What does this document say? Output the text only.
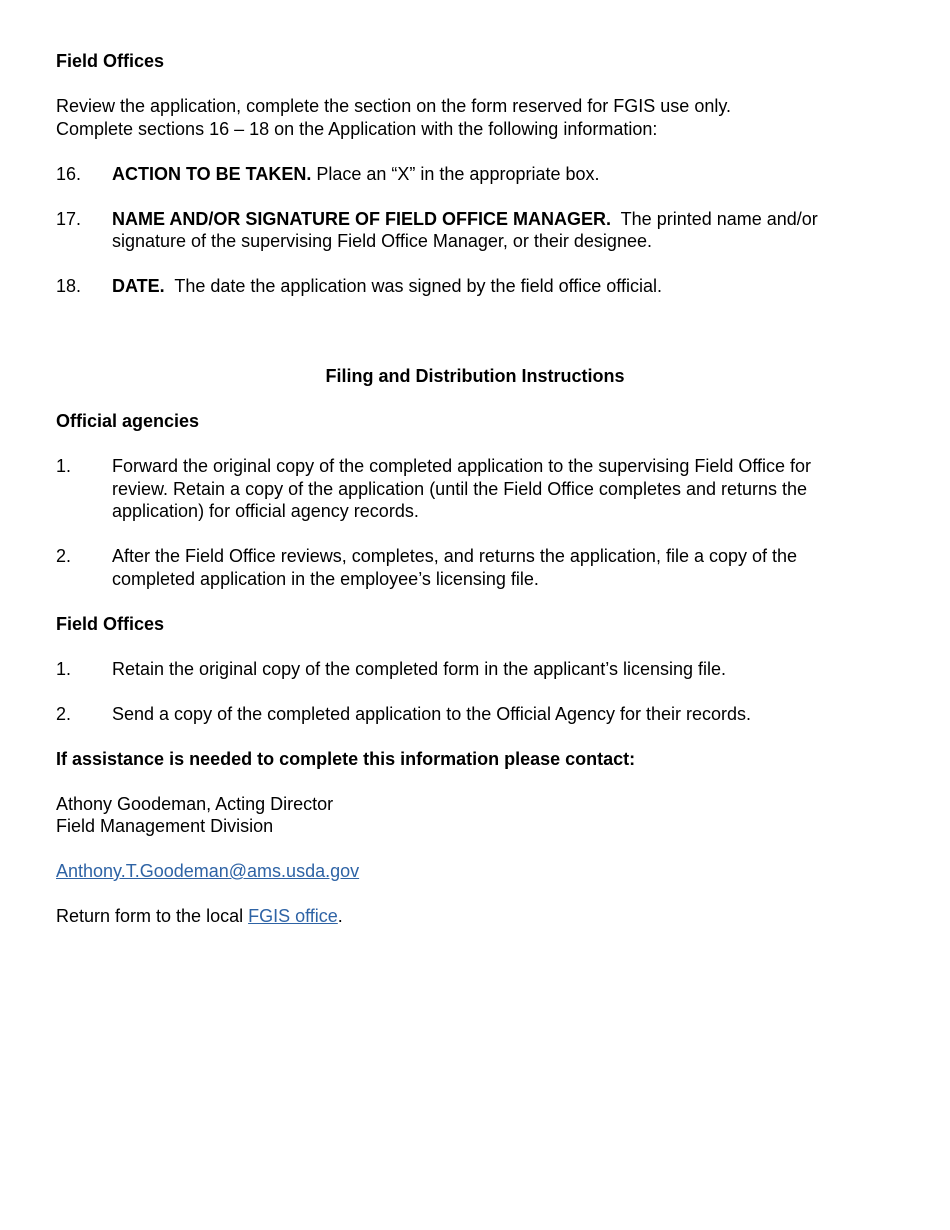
Field Offices

Review the application, complete the section on the form reserved for FGIS use only.

Complete sections 16 – 18 on the Application with the following information:

16.	ACTION TO BE TAKEN. Place an “X” in the appropriate box.
17.	NAME AND/OR SIGNATURE OF FIELD OFFICE MANAGER.  The printed name and/or signature of the supervising Field Office Manager, or their designee.
18.	DATE.  The date the application was signed by the field office official.

Filing and Distribution Instructions

Official agencies

1.	Forward the original copy of the completed application to the supervising Field Office for review. Retain a copy of the application (until the Field Office completes and returns the application) for official agency records.
2.	After the Field Office reviews, completes, and returns the application, file a copy of the completed application in the employee’s licensing file.

Field Offices

1.	Retain the original copy of the completed form in the applicant’s licensing file.
2.	Send a copy of the completed application to the Official Agency for their records.

If assistance is needed to complete this information please contact:

Athony Goodeman, Acting Director

Field Management Division

Anthony.T.Goodeman@ams.usda.gov

Return form to the local FGIS office.
